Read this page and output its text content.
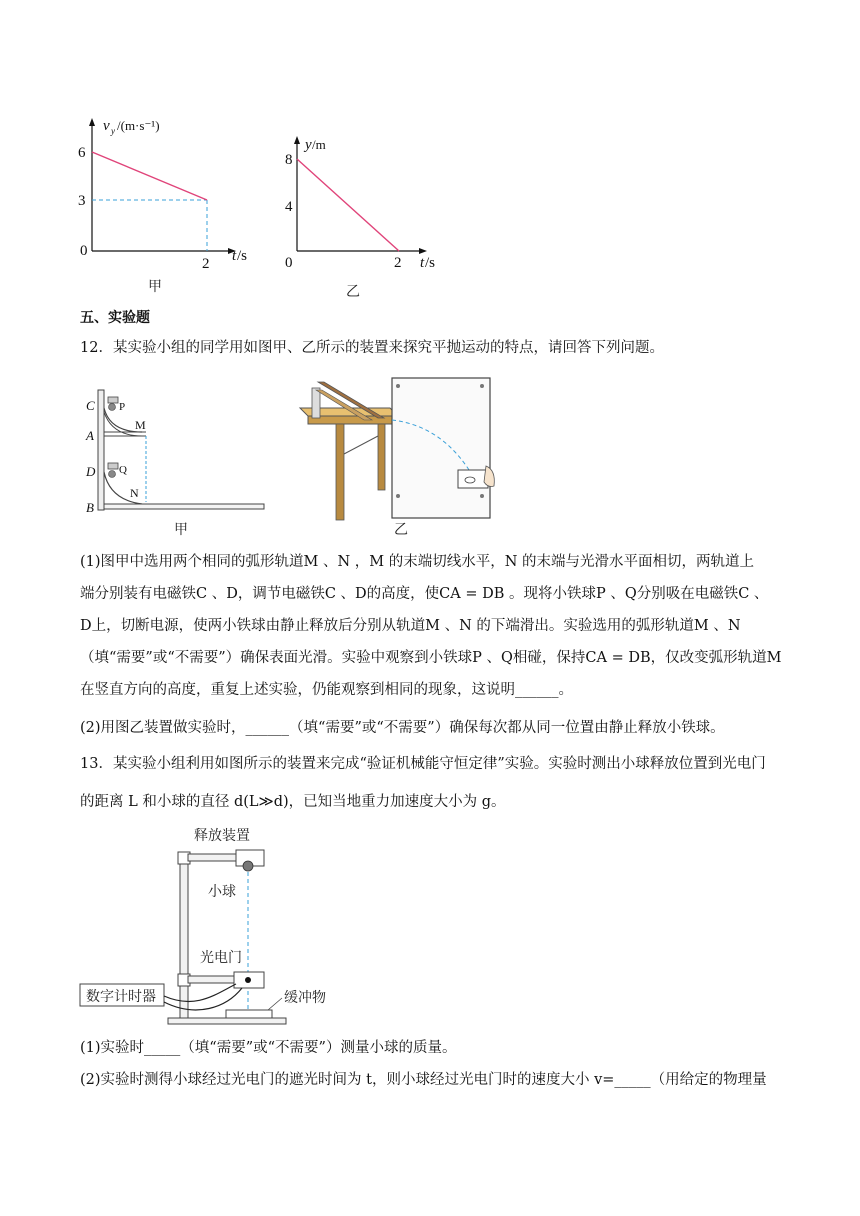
v y /(m·s⁻¹)
6
3
0
2 t /s
甲
y /m
8
4
0	2 t /s
乙
五、实验题
12．某实验小组的同学用如图甲、乙所示的装置来探究平抛运动的特点，请回答下列问题。
C P
M
A
D Q
N
B
甲	乙
(1)图甲中选用两个相同的弧形轨道M 、N ，M 的末端切线水平，N 的末端与光滑水平面相切，两轨道上
端分别装有电磁铁C 、D，调节电磁铁C 、D的高度，使CA = DB 。现将小铁球P 、Q分别吸在电磁铁C 、
D上，切断电源，使两小铁球由静止释放后分别从轨道M 、N 的下端滑出。实验选用的弧形轨道M 、N
（填“需要”或“不需要”）确保表面光滑。实验中观察到小铁球P 、Q相碰，保持CA = DB，仅改变弧形轨道M
在竖直方向的高度，重复上述实验，仍能观察到相同的现象，这说明______。
(2)用图乙装置做实验时，______（填“需要”或“不需要”）确保每次都从同一位置由静止释放小铁球。
13．某实验小组利用如图所示的装置来完成“验证机械能守恒定律”实验。实验时测出小球释放位置到光电门
的距离 L 和小球的直径 d(L≫d)，已知当地重力加速度大小为 g。
释放装置
小球
光电门
数字计时器	缓冲物
(1)实验时_____（填“需要”或“不需要”）测量小球的质量。
(2)实验时测得小球经过光电门的遮光时间为 t，则小球经过光电门时的速度大小 v=_____（用给定的物理量
